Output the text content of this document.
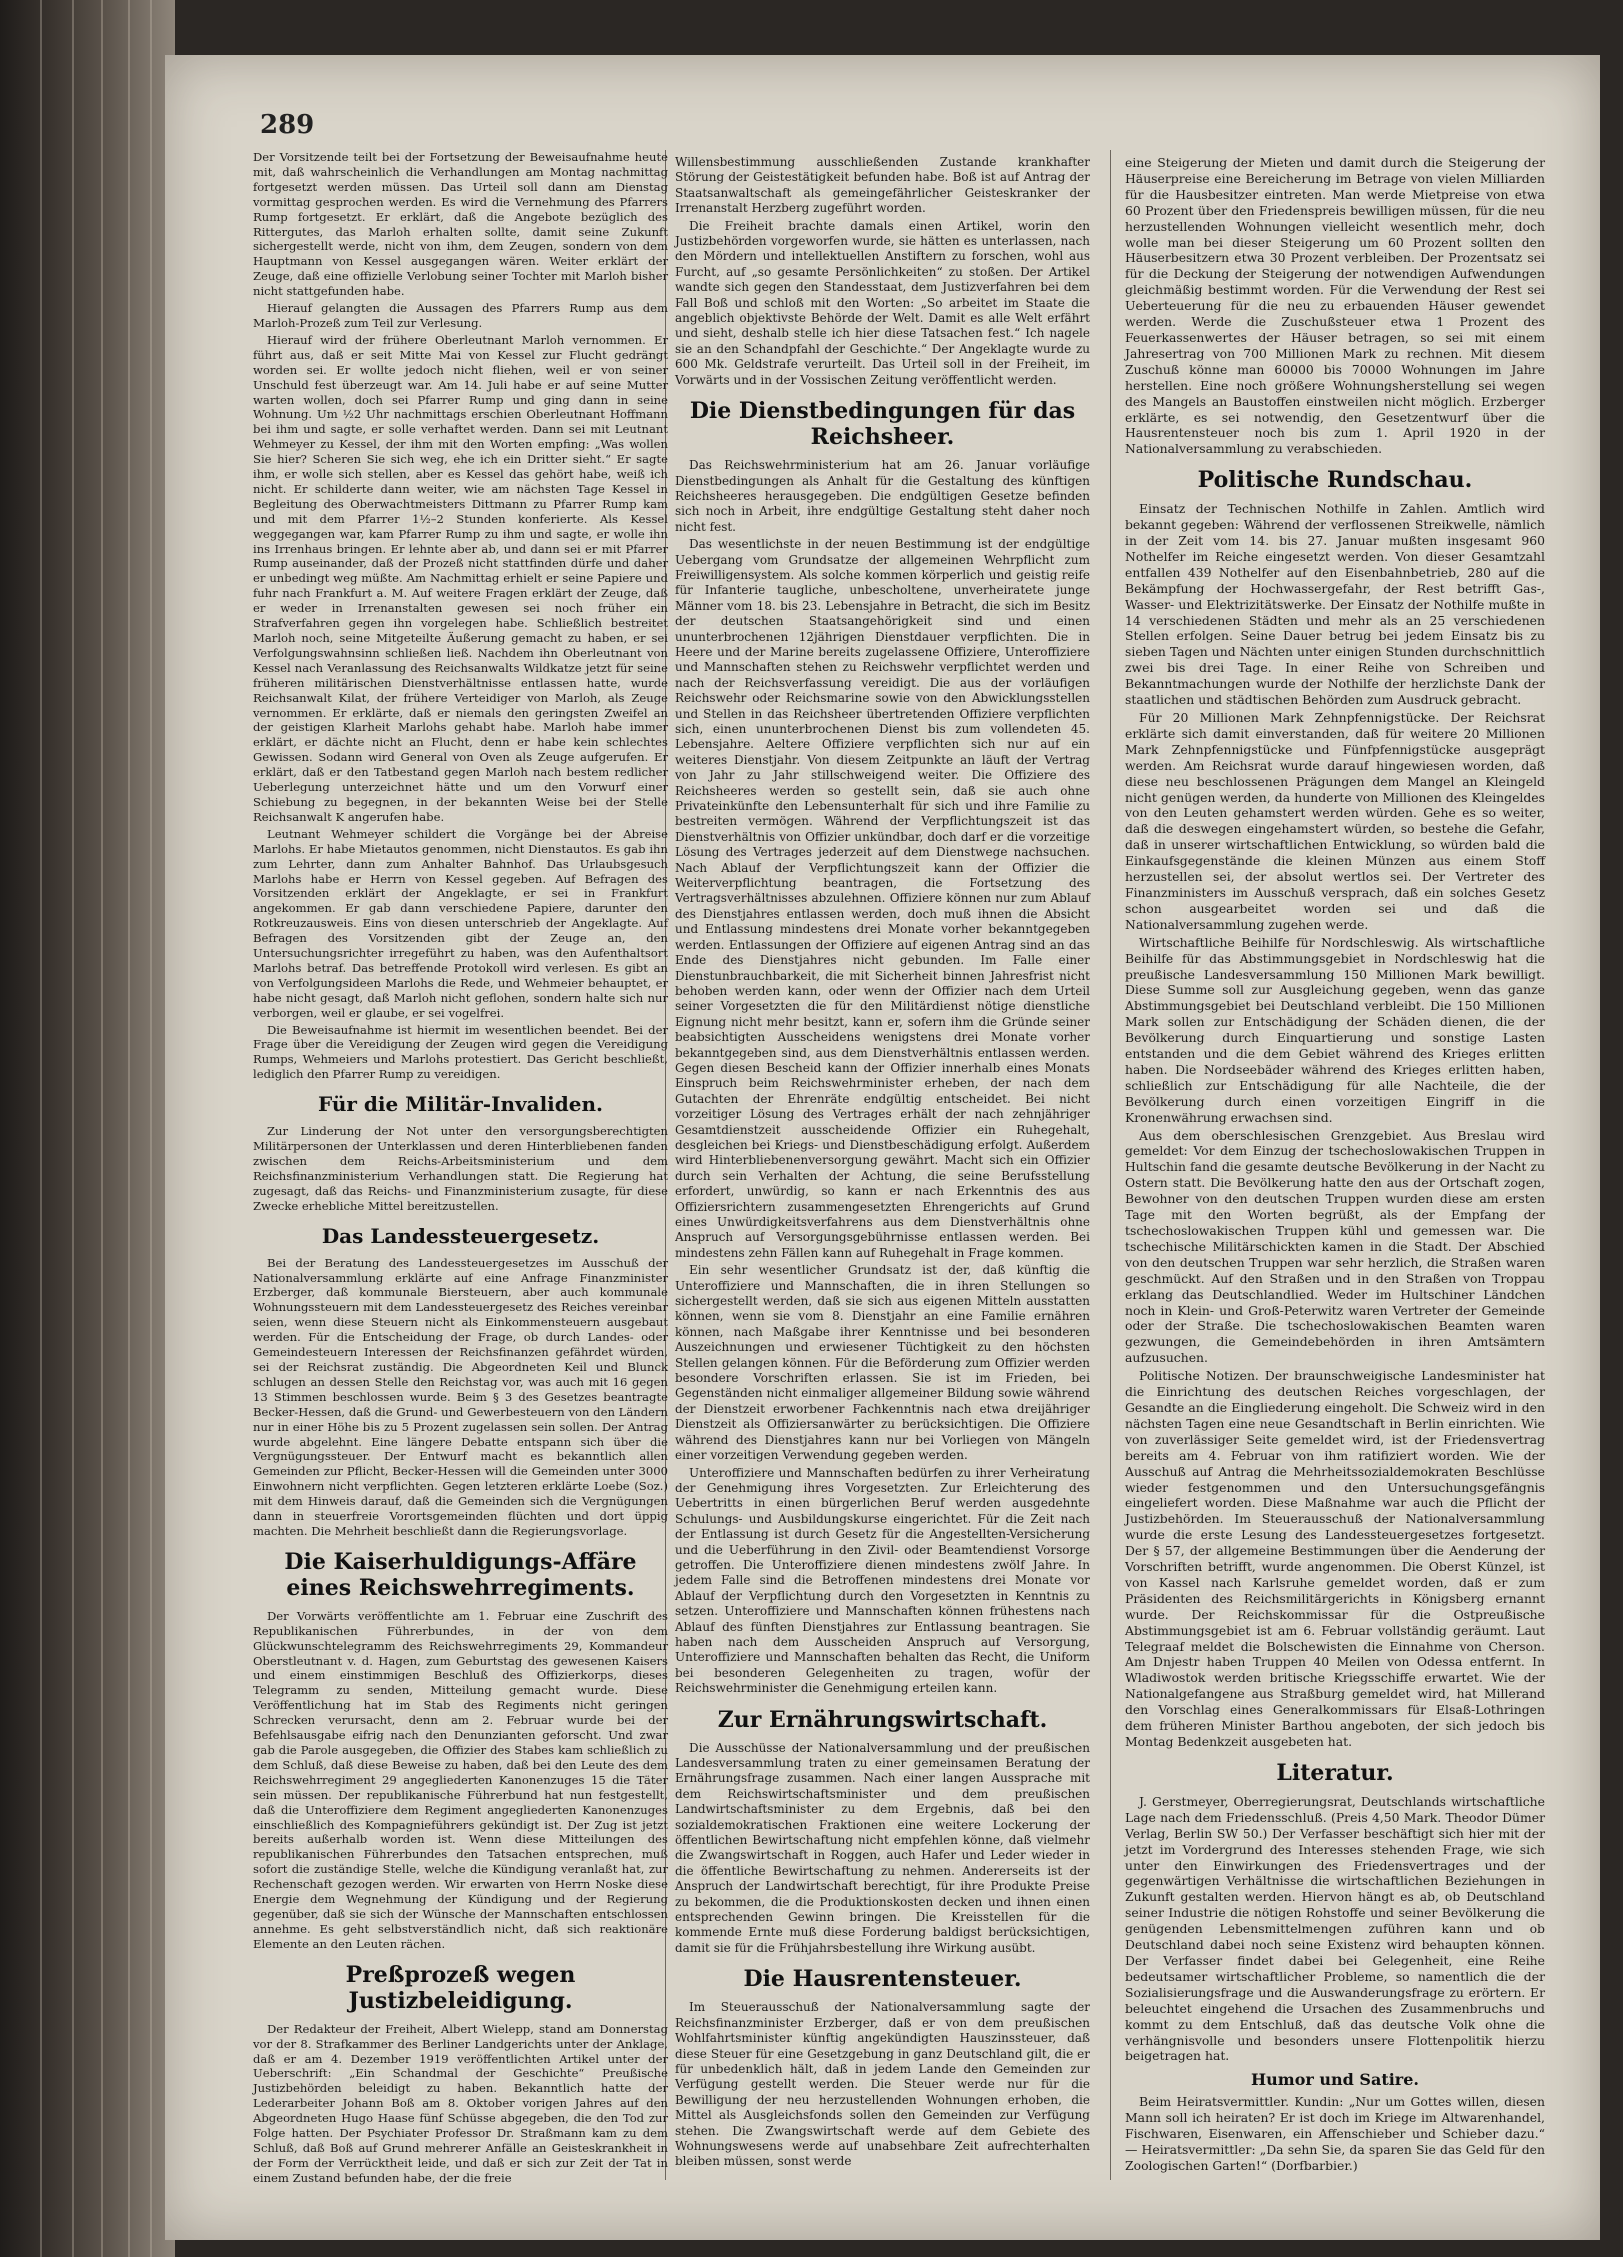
289

Der Vorsitzende teilt bei der Fortsetzung der Beweisaufnahme heute mit, daß wahrscheinlich die Verhandlungen am Montag nachmittag fortgesetzt werden müssen. Das Urteil soll dann am Dienstag vormittag gesprochen werden. Es wird die Vernehmung des Pfarrers Rump fortgesetzt. Er erklärt, daß die Angebote bezüglich des Rittergutes, das Marloh erhalten sollte, damit seine Zukunft sichergestellt werde, nicht von ihm, dem Zeugen, sondern von dem Hauptmann von Kessel ausgegangen wären. Weiter erklärt der Zeuge, daß eine offizielle Verlobung seiner Tochter mit Marloh bisher nicht stattgefunden habe.

Hierauf gelangten die Aussagen des Pfarrers Rump aus dem Marloh-Prozeß zum Teil zur Verlesung.

Hierauf wird der frühere Oberleutnant Marloh vernommen. Er führt aus, daß er seit Mitte Mai von Kessel zur Flucht gedrängt worden sei. Er wollte jedoch nicht fliehen, weil er von seiner Unschuld fest überzeugt war. Am 14. Juli habe er auf seine Mutter warten wollen, doch sei Pfarrer Rump und ging dann in seine Wohnung. Um ½2 Uhr nachmittags erschien Oberleutnant Hoffmann bei ihm und sagte, er solle verhaftet werden. Dann sei mit Leutnant Wehmeyer zu Kessel, der ihm mit den Worten empfing: „Was wollen Sie hier? Scheren Sie sich weg, ehe ich ein Dritter sieht.“ Er sagte ihm, er wolle sich stellen, aber es Kessel das gehört habe, weiß ich nicht. Er schilderte dann weiter, wie am nächsten Tage Kessel in Begleitung des Oberwachtmeisters Dittmann zu Pfarrer Rump kam und mit dem Pfarrer 1½–2 Stunden konferierte. Als Kessel weggegangen war, kam Pfarrer Rump zu ihm und sagte, er wolle ihn ins Irrenhaus bringen. Er lehnte aber ab, und dann sei er mit Pfarrer Rump auseinander, daß der Prozeß nicht stattfinden dürfe und daher er unbedingt weg müßte. Am Nachmittag erhielt er seine Papiere und fuhr nach Frankfurt a. M. Auf weitere Fragen erklärt der Zeuge, daß er weder in Irrenanstalten gewesen sei noch früher ein Strafverfahren gegen ihn vorgelegen habe. Schließlich bestreitet Marloh noch, seine Mitgeteilte Äußerung gemacht zu haben, er sei Verfolgungswahnsinn schließen ließ. Nachdem ihn Oberleutnant von Kessel nach Veranlassung des Reichsanwalts Wildkatze jetzt für seine früheren militärischen Dienstverhältnisse entlassen hatte, wurde Reichsanwalt Kilat, der frühere Verteidiger von Marloh, als Zeuge vernommen. Er erklärte, daß er niemals den geringsten Zweifel an der geistigen Klarheit Marlohs gehabt habe. Marloh habe immer erklärt, er dächte nicht an Flucht, denn er habe kein schlechtes Gewissen. Sodann wird General von Oven als Zeuge aufgerufen. Er erklärt, daß er den Tatbestand gegen Marloh nach bestem redlicher Ueberlegung unterzeichnet hätte und um den Vorwurf einer Schiebung zu begegnen, in der bekannten Weise bei der Stelle Reichsanwalt K angerufen habe.

Leutnant Wehmeyer schildert die Vorgänge bei der Abreise Marlohs. Er habe Mietautos genommen, nicht Dienstautos. Es gab ihn zum Lehrter, dann zum Anhalter Bahnhof. Das Urlaubsgesuch Marlohs habe er Herrn von Kessel gegeben. Auf Befragen des Vorsitzenden erklärt der Angeklagte, er sei in Frankfurt angekommen. Er gab dann verschiedene Papiere, darunter den Rotkreuzausweis. Eins von diesen unterschrieb der Angeklagte. Auf Befragen des Vorsitzenden gibt der Zeuge an, den Untersuchungsrichter irregeführt zu haben, was den Aufenthaltsort Marlohs betraf. Das betreffende Protokoll wird verlesen. Es gibt an von Verfolgungsideen Marlohs die Rede, und Wehmeier behauptet, er habe nicht gesagt, daß Marloh nicht geflohen, sondern halte sich nur verborgen, weil er glaube, er sei vogelfrei.

Die Beweisaufnahme ist hiermit im wesentlichen beendet. Bei der Frage über die Vereidigung der Zeugen wird gegen die Vereidigung Rumps, Wehmeiers und Marlohs protestiert. Das Gericht beschließt, lediglich den Pfarrer Rump zu vereidigen.

Für die Militär-Invaliden.

Zur Linderung der Not unter den versorgungsberechtigten Militärpersonen der Unterklassen und deren Hinterbliebenen fanden zwischen dem Reichs-Arbeitsministerium und dem Reichsfinanzministerium Verhandlungen statt. Die Regierung hat zugesagt, daß das Reichs- und Finanzministerium zusagte, für diese Zwecke erhebliche Mittel bereitzustellen.

Das Landessteuergesetz.

Bei der Beratung des Landessteuergesetzes im Ausschuß der Nationalversammlung erklärte auf eine Anfrage Finanzminister Erzberger, daß kommunale Biersteuern, aber auch kommunale Wohnungssteuern mit dem Landessteuergesetz des Reiches vereinbar seien, wenn diese Steuern nicht als Einkommensteuern ausgebaut werden. Für die Entscheidung der Frage, ob durch Landes- oder Gemeindesteuern Interessen der Reichsfinanzen gefährdet würden, sei der Reichsrat zuständig. Die Abgeordneten Keil und Blunck schlugen an dessen Stelle den Reichstag vor, was auch mit 16 gegen 13 Stimmen beschlossen wurde. Beim § 3 des Gesetzes beantragte Becker-Hessen, daß die Grund- und Gewerbesteuern von den Ländern nur in einer Höhe bis zu 5 Prozent zugelassen sein sollen. Der Antrag wurde abgelehnt. Eine längere Debatte entspann sich über die Vergnügungssteuer. Der Entwurf macht es bekanntlich allen Gemeinden zur Pflicht, Becker-Hessen will die Gemeinden unter 3000 Einwohnern nicht verpflichten. Gegen letzteren erklärte Loebe (Soz.) mit dem Hinweis darauf, daß die Gemeinden sich die Vergnügungen dann in steuerfreie Vorortsgemeinden flüchten und dort üppig machten. Die Mehrheit beschließt dann die Regierungsvorlage.

Die Kaiserhuldigungs-Affäre eines Reichswehrregiments.

Der Vorwärts veröffentlichte am 1. Februar eine Zuschrift des Republikanischen Führerbundes, in der von dem Glückwunschtelegramm des Reichswehrregiments 29, Kommandeur Oberstleutnant v. d. Hagen, zum Geburtstag des gewesenen Kaisers und einem einstimmigen Beschluß des Offizierkorps, dieses Telegramm zu senden, Mitteilung gemacht wurde. Diese Veröffentlichung hat im Stab des Regiments nicht geringen Schrecken verursacht, denn am 2. Februar wurde bei der Befehlsausgabe eifrig nach den Denunzianten geforscht. Und zwar gab die Parole ausgegeben, die Offizier des Stabes kam schließlich zu dem Schluß, daß diese Beweise zu haben, daß bei den Leute des dem Reichswehrregiment 29 angegliederten Kanonenzuges 15 die Täter sein müssen. Der republikanische Führerbund hat nun festgestellt, daß die Unteroffiziere dem Regiment angegliederten Kanonenzuges einschließlich des Kompagnieführers gekündigt ist. Der Zug ist jetzt bereits außerhalb worden ist. Wenn diese Mitteilungen des republikanischen Führerbundes den Tatsachen entsprechen, muß sofort die zuständige Stelle, welche die Kündigung veranlaßt hat, zur Rechenschaft gezogen werden. Wir erwarten von Herrn Noske diese Energie dem Wegnehmung der Kündigung und der Regierung gegenüber, daß sie sich der Wünsche der Mannschaften entschlossen annehme. Es geht selbstverständlich nicht, daß sich reaktionäre Elemente an den Leuten rächen.

Preßprozeß wegen Justizbeleidigung.

Der Redakteur der Freiheit, Albert Wielepp, stand am Donnerstag vor der 8. Strafkammer des Berliner Landgerichts unter der Anklage, daß er am 4. Dezember 1919 veröffentlichten Artikel unter der Ueberschrift: „Ein Schandmal der Geschichte“ Preußische Justizbehörden beleidigt zu haben. Bekanntlich hatte der Lederarbeiter Johann Boß am 8. Oktober vorigen Jahres auf den Abgeordneten Hugo Haase fünf Schüsse abgegeben, die den Tod zur Folge hatten. Der Psychiater Professor Dr. Straßmann kam zu dem Schluß, daß Boß auf Grund mehrerer Anfälle an Geisteskrankheit in der Form der Verrücktheit leide, und daß er sich zur Zeit der Tat in einem Zustand befunden habe, der die freie

Willensbestimmung ausschließenden Zustande krankhafter Störung der Geistestätigkeit befunden habe. Boß ist auf Antrag der Staatsanwaltschaft als gemeingefährlicher Geisteskranker der Irrenanstalt Herzberg zugeführt worden.

Die Freiheit brachte damals einen Artikel, worin den Justizbehörden vorgeworfen wurde, sie hätten es unterlassen, nach den Mördern und intellektuellen Anstiftern zu forschen, wohl aus Furcht, auf „so gesamte Persönlichkeiten“ zu stoßen. Der Artikel wandte sich gegen den Standesstaat, dem Justizverfahren bei dem Fall Boß und schloß mit den Worten: „So arbeitet im Staate die angeblich objektivste Behörde der Welt. Damit es alle Welt erfährt und sieht, deshalb stelle ich hier diese Tatsachen fest.“ Ich nagele sie an den Schandpfahl der Geschichte.“ Der Angeklagte wurde zu 600 Mk. Geldstrafe verurteilt. Das Urteil soll in der Freiheit, im Vorwärts und in der Vossischen Zeitung veröffentlicht werden.

Die Dienstbedingungen für das Reichsheer.

Das Reichswehrministerium hat am 26. Januar vorläufige Dienstbedingungen als Anhalt für die Gestaltung des künftigen Reichsheeres herausgegeben. Die endgültigen Gesetze befinden sich noch in Arbeit, ihre endgültige Gestaltung steht daher noch nicht fest.

Das wesentlichste in der neuen Bestimmung ist der endgültige Uebergang vom Grundsatze der allgemeinen Wehrpflicht zum Freiwilligensystem. Als solche kommen körperlich und geistig reife für Infanterie taugliche, unbescholtene, unverheiratete junge Männer vom 18. bis 23. Lebensjahre in Betracht, die sich im Besitz der deutschen Staatsangehörigkeit sind und einen ununterbrochenen 12jährigen Dienstdauer verpflichten. Die in Heere und der Marine bereits zugelassene Offiziere, Unteroffiziere und Mannschaften stehen zu Reichswehr verpflichtet werden und nach der Reichsverfassung vereidigt. Die aus der vorläufigen Reichswehr oder Reichsmarine sowie von den Abwicklungsstellen und Stellen in das Reichsheer übertretenden Offiziere verpflichten sich, einen ununterbrochenen Dienst bis zum vollendeten 45. Lebensjahre. Aeltere Offiziere verpflichten sich nur auf ein weiteres Dienstjahr. Von diesem Zeitpunkte an läuft der Vertrag von Jahr zu Jahr stillschweigend weiter. Die Offiziere des Reichsheeres werden so gestellt sein, daß sie auch ohne Privateinkünfte den Lebensunterhalt für sich und ihre Familie zu bestreiten vermögen. Während der Verpflichtungszeit ist das Dienstverhältnis von Offizier unkündbar, doch darf er die vorzeitige Lösung des Vertrages jederzeit auf dem Dienstwege nachsuchen. Nach Ablauf der Verpflichtungszeit kann der Offizier die Weiterverpflichtung beantragen, die Fortsetzung des Vertragsverhältnisses abzulehnen. Offiziere können nur zum Ablauf des Dienstjahres entlassen werden, doch muß ihnen die Absicht und Entlassung mindestens drei Monate vorher bekanntgegeben werden. Entlassungen der Offiziere auf eigenen Antrag sind an das Ende des Dienstjahres nicht gebunden. Im Falle einer Dienstunbrauchbarkeit, die mit Sicherheit binnen Jahresfrist nicht behoben werden kann, oder wenn der Offizier nach dem Urteil seiner Vorgesetzten die für den Militärdienst nötige dienstliche Eignung nicht mehr besitzt, kann er, sofern ihm die Gründe seiner beabsichtigten Ausscheidens wenigstens drei Monate vorher bekanntgegeben sind, aus dem Dienstverhältnis entlassen werden. Gegen diesen Bescheid kann der Offizier innerhalb eines Monats Einspruch beim Reichswehrminister erheben, der nach dem Gutachten der Ehrenräte endgültig entscheidet. Bei nicht vorzeitiger Lösung des Vertrages erhält der nach zehnjähriger Gesamtdienstzeit ausscheidende Offizier ein Ruhegehalt, desgleichen bei Kriegs- und Dienstbeschädigung erfolgt. Außerdem wird Hinterbliebenenversorgung gewährt. Macht sich ein Offizier durch sein Verhalten der Achtung, die seine Berufsstellung erfordert, unwürdig, so kann er nach Erkenntnis des aus Offiziersrichtern zusammengesetzten Ehrengerichts auf Grund eines Unwürdigkeitsverfahrens aus dem Dienstverhältnis ohne Anspruch auf Versorgungsgebührnisse entlassen werden. Bei mindestens zehn Fällen kann auf Ruhegehalt in Frage kommen.

Ein sehr wesentlicher Grundsatz ist der, daß künftig die Unteroffiziere und Mannschaften, die in ihren Stellungen so sichergestellt werden, daß sie sich aus eigenen Mitteln ausstatten können, wenn sie vom 8. Dienstjahr an eine Familie ernähren können, nach Maßgabe ihrer Kenntnisse und bei besonderen Auszeichnungen und erwiesener Tüchtigkeit zu den höchsten Stellen gelangen können. Für die Beförderung zum Offizier werden besondere Vorschriften erlassen. Sie ist im Frieden, bei Gegenständen nicht einmaliger allgemeiner Bildung sowie während der Dienstzeit erworbener Fachkenntnis nach etwa dreijähriger Dienstzeit als Offiziersanwärter zu berücksichtigen. Die Offiziere während des Dienstjahres kann nur bei Vorliegen von Mängeln einer vorzeitigen Verwendung gegeben werden.

Unteroffiziere und Mannschaften bedürfen zu ihrer Verheiratung der Genehmigung ihres Vorgesetzten. Zur Erleichterung des Uebertritts in einen bürgerlichen Beruf werden ausgedehnte Schulungs- und Ausbildungskurse eingerichtet. Für die Zeit nach der Entlassung ist durch Gesetz für die Angestellten-Versicherung und die Ueberführung in den Zivil- oder Beamtendienst Vorsorge getroffen. Die Unteroffiziere dienen mindestens zwölf Jahre. In jedem Falle sind die Betroffenen mindestens drei Monate vor Ablauf der Verpflichtung durch den Vorgesetzten in Kenntnis zu setzen. Unteroffiziere und Mannschaften können frühestens nach Ablauf des fünften Dienstjahres zur Entlassung beantragen. Sie haben nach dem Ausscheiden Anspruch auf Versorgung, Unteroffiziere und Mannschaften behalten das Recht, die Uniform bei besonderen Gelegenheiten zu tragen, wofür der Reichswehrminister die Genehmigung erteilen kann.

Zur Ernährungswirtschaft.

Die Ausschüsse der Nationalversammlung und der preußischen Landesversammlung traten zu einer gemeinsamen Beratung der Ernährungsfrage zusammen. Nach einer langen Aussprache mit dem Reichswirtschaftsminister und dem preußischen Landwirtschaftsminister zu dem Ergebnis, daß bei den sozialdemokratischen Fraktionen eine weitere Lockerung der öffentlichen Bewirtschaftung nicht empfehlen könne, daß vielmehr die Zwangswirtschaft in Roggen, auch Hafer und Leder wieder in die öffentliche Bewirtschaftung zu nehmen. Andererseits ist der Anspruch der Landwirtschaft berechtigt, für ihre Produkte Preise zu bekommen, die die Produktionskosten decken und ihnen einen entsprechenden Gewinn bringen. Die Kreisstellen für die kommende Ernte muß diese Forderung baldigst berücksichtigen, damit sie für die Frühjahrsbestellung ihre Wirkung ausübt.

Die Hausrentensteuer.

Im Steuerausschuß der Nationalversammlung sagte der Reichsfinanzminister Erzberger, daß er von dem preußischen Wohlfahrtsminister künftig angekündigten Hauszinssteuer, daß diese Steuer für eine Gesetzgebung in ganz Deutschland gilt, die er für unbedenklich hält, daß in jedem Lande den Gemeinden zur Verfügung gestellt werden. Die Steuer werde nur für die Bewilligung der neu herzustellenden Wohnungen erhoben, die Mittel als Ausgleichsfonds sollen den Gemeinden zur Verfügung stehen. Die Zwangswirtschaft werde auf dem Gebiete des Wohnungswesens werde auf unabsehbare Zeit aufrechterhalten bleiben müssen, sonst werde

eine Steigerung der Mieten und damit durch die Steigerung der Häuserpreise eine Bereicherung im Betrage von vielen Milliarden für die Hausbesitzer eintreten. Man werde Mietpreise von etwa 60 Prozent über den Friedenspreis bewilligen müssen, für die neu herzustellenden Wohnungen vielleicht wesentlich mehr, doch wolle man bei dieser Steigerung um 60 Prozent sollten den Häuserbesitzern etwa 30 Prozent verbleiben. Der Prozentsatz sei für die Deckung der Steigerung der notwendigen Aufwendungen gleichmäßig bestimmt worden. Für die Verwendung der Rest sei Ueberteuerung für die neu zu erbauenden Häuser gewendet werden. Werde die Zuschußsteuer etwa 1 Prozent des Feuerkassenwertes der Häuser betragen, so sei mit einem Jahresertrag von 700 Millionen Mark zu rechnen. Mit diesem Zuschuß könne man 60000 bis 70000 Wohnungen im Jahre herstellen. Eine noch größere Wohnungsherstellung sei wegen des Mangels an Baustoffen einstweilen nicht möglich. Erzberger erklärte, es sei notwendig, den Gesetzentwurf über die Hausrentensteuer noch bis zum 1. April 1920 in der Nationalversammlung zu verabschieden.

Politische Rundschau.

Einsatz der Technischen Nothilfe in Zahlen. Amtlich wird bekannt gegeben: Während der verflossenen Streikwelle, nämlich in der Zeit vom 14. bis 27. Januar mußten insgesamt 960 Nothelfer im Reiche eingesetzt werden. Von dieser Gesamtzahl entfallen 439 Nothelfer auf den Eisenbahnbetrieb, 280 auf die Bekämpfung der Hochwassergefahr, der Rest betrifft Gas-, Wasser- und Elektrizitätswerke. Der Einsatz der Nothilfe mußte in 14 verschiedenen Städten und mehr als an 25 verschiedenen Stellen erfolgen. Seine Dauer betrug bei jedem Einsatz bis zu sieben Tagen und Nächten unter einigen Stunden durchschnittlich zwei bis drei Tage. In einer Reihe von Schreiben und Bekanntmachungen wurde der Nothilfe der herzlichste Dank der staatlichen und städtischen Behörden zum Ausdruck gebracht.

Für 20 Millionen Mark Zehnpfennigstücke. Der Reichsrat erklärte sich damit einverstanden, daß für weitere 20 Millionen Mark Zehnpfennigstücke und Fünfpfennigstücke ausgeprägt werden. Am Reichsrat wurde darauf hingewiesen worden, daß diese neu beschlossenen Prägungen dem Mangel an Kleingeld nicht genügen werden, da hunderte von Millionen des Kleingeldes von den Leuten gehamstert werden würden. Gehe es so weiter, daß die deswegen eingehamstert würden, so bestehe die Gefahr, daß in unserer wirtschaftlichen Entwicklung, so würden bald die Einkaufsgegenstände die kleinen Münzen aus einem Stoff herzustellen sei, der absolut wertlos sei. Der Vertreter des Finanzministers im Ausschuß versprach, daß ein solches Gesetz schon ausgearbeitet worden sei und daß die Nationalversammlung zugehen werde.

Wirtschaftliche Beihilfe für Nordschleswig. Als wirtschaftliche Beihilfe für das Abstimmungsgebiet in Nordschleswig hat die preußische Landesversammlung 150 Millionen Mark bewilligt. Diese Summe soll zur Ausgleichung gegeben, wenn das ganze Abstimmungsgebiet bei Deutschland verbleibt. Die 150 Millionen Mark sollen zur Entschädigung der Schäden dienen, die der Bevölkerung durch Einquartierung und sonstige Lasten entstanden und die dem Gebiet während des Krieges erlitten haben. Die Nordseebäder während des Krieges erlitten haben, schließlich zur Entschädigung für alle Nachteile, die der Bevölkerung durch einen vorzeitigen Eingriff in die Kronenwährung erwachsen sind.

Aus dem oberschlesischen Grenzgebiet. Aus Breslau wird gemeldet: Vor dem Einzug der tschechoslowakischen Truppen in Hultschin fand die gesamte deutsche Bevölkerung in der Nacht zu Ostern statt. Die Bevölkerung hatte den aus der Ortschaft zogen, Bewohner von den deutschen Truppen wurden diese am ersten Tage mit den Worten begrüßt, als der Empfang der tschechoslowakischen Truppen kühl und gemessen war. Die tschechische Militärschickten kamen in die Stadt. Der Abschied von den deutschen Truppen war sehr herzlich, die Straßen waren geschmückt. Auf den Straßen und in den Straßen von Troppau erklang das Deutschlandlied. Weder im Hultschiner Ländchen noch in Klein- und Groß-Peterwitz waren Vertreter der Gemeinde oder der Straße. Die tschechoslowakischen Beamten waren gezwungen, die Gemeindebehörden in ihren Amtsämtern aufzusuchen.

Politische Notizen. Der braunschweigische Landesminister hat die Einrichtung des deutschen Reiches vorgeschlagen, der Gesandte an die Eingliederung eingeholt. Die Schweiz wird in den nächsten Tagen eine neue Gesandtschaft in Berlin einrichten. Wie von zuverlässiger Seite gemeldet wird, ist der Friedensvertrag bereits am 4. Februar von ihm ratifiziert worden. Wie der Ausschuß auf Antrag die Mehrheitssozialdemokraten Beschlüsse wieder festgenommen und den Untersuchungsgefängnis eingeliefert worden. Diese Maßnahme war auch die Pflicht der Justizbehörden. Im Steuerausschuß der Nationalversammlung wurde die erste Lesung des Landessteuergesetzes fortgesetzt. Der § 57, der allgemeine Bestimmungen über die Aenderung der Vorschriften betrifft, wurde angenommen. Die Oberst Künzel, ist von Kassel nach Karlsruhe gemeldet worden, daß er zum Präsidenten des Reichsmilitärgerichts in Königsberg ernannt wurde. Der Reichskommissar für die Ostpreußische Abstimmungsgebiet ist am 6. Februar vollständig geräumt. Laut Telegraaf meldet die Bolschewisten die Einnahme von Cherson. Am Dnjestr haben Truppen 40 Meilen von Odessa entfernt. In Wladiwostok werden britische Kriegsschiffe erwartet. Wie der Nationalgefangene aus Straßburg gemeldet wird, hat Millerand den Vorschlag eines Generalkommissars für Elsaß-Lothringen dem früheren Minister Barthou angeboten, der sich jedoch bis Montag Bedenkzeit ausgebeten hat.

Literatur.

J. Gerstmeyer, Oberregierungsrat, Deutschlands wirtschaftliche Lage nach dem Friedensschluß. (Preis 4,50 Mark. Theodor Dümer Verlag, Berlin SW 50.) Der Verfasser beschäftigt sich hier mit der jetzt im Vordergrund des Interesses stehenden Frage, wie sich unter den Einwirkungen des Friedensvertrages und der gegenwärtigen Verhältnisse die wirtschaftlichen Beziehungen in Zukunft gestalten werden. Hiervon hängt es ab, ob Deutschland seiner Industrie die nötigen Rohstoffe und seiner Bevölkerung die genügenden Lebensmittelmengen zuführen kann und ob Deutschland dabei noch seine Existenz wird behaupten können. Der Verfasser findet dabei bei Gelegenheit, eine Reihe bedeutsamer wirtschaftlicher Probleme, so namentlich die der Sozialisierungsfrage und die Auswanderungsfrage zu erörtern. Er beleuchtet eingehend die Ursachen des Zusammenbruchs und kommt zu dem Entschluß, daß das deutsche Volk ohne die verhängnisvolle und besonders unsere Flottenpolitik hierzu beigetragen hat.

Humor und Satire.

Beim Heiratsvermittler. Kundin: „Nur um Gottes willen, diesen Mann soll ich heiraten? Er ist doch im Kriege im Altwarenhandel, Fischwaren, Eisenwaren, ein Affenschieber und Schieber dazu.“ — Heiratsvermittler: „Da sehn Sie, da sparen Sie das Geld für den Zoologischen Garten!“ (Dorfbarbier.)
